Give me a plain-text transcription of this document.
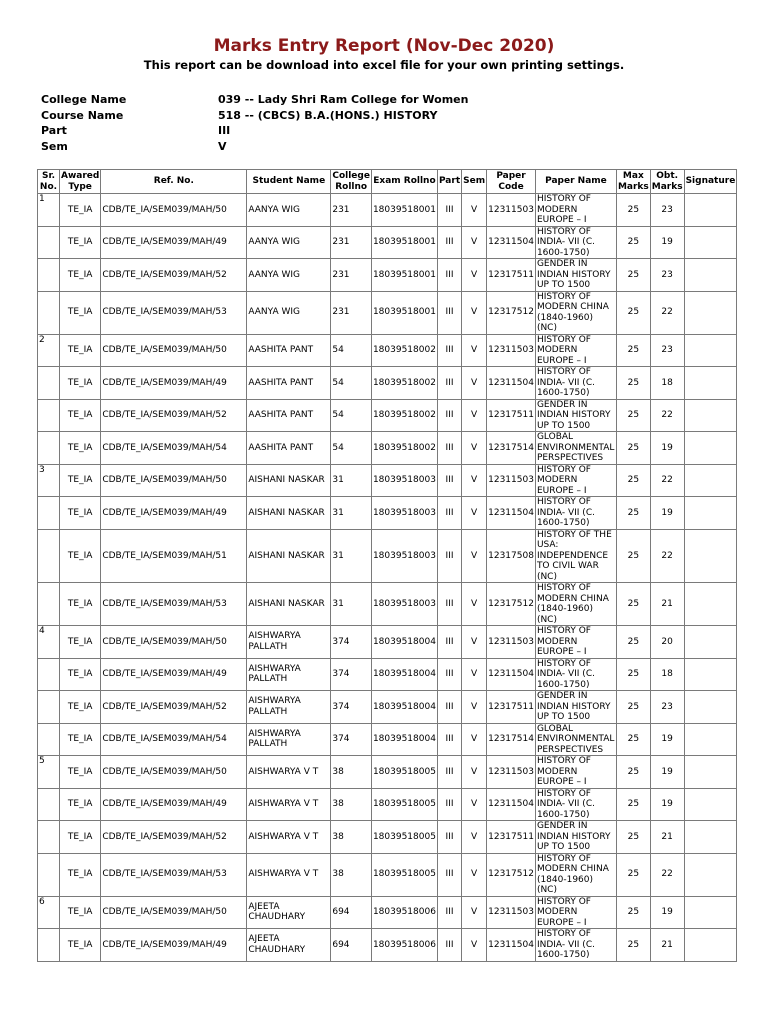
Marks Entry Report (Nov-Dec 2020)
This report can be download into excel file for your own printing settings.
College Name	039 -- Lady Shri Ram College for Women
Course Name	518 -- (CBCS) B.A.(HONS.) HISTORY
Part	III
Sem	V
Sr. No.	Awared Type	Ref. No.	Student Name	College Rollno	Exam Rollno	Part	Sem	Paper Code	Paper Name	Max Marks	Obt. Marks	Signature
1	TE_IA	CDB/TE_IA/SEM039/MAH/50	AANYA WIG	231	18039518001	III	V	12311503	HISTORY OF MODERN EUROPE – I	25	23	
	TE_IA	CDB/TE_IA/SEM039/MAH/49	AANYA WIG	231	18039518001	III	V	12311504	HISTORY OF INDIA- VII (C. 1600-1750)	25	19	
	TE_IA	CDB/TE_IA/SEM039/MAH/52	AANYA WIG	231	18039518001	III	V	12317511	GENDER IN INDIAN HISTORY UP TO 1500	25	23	
	TE_IA	CDB/TE_IA/SEM039/MAH/53	AANYA WIG	231	18039518001	III	V	12317512	HISTORY OF MODERN CHINA (1840-1960) (NC)	25	22	
2	TE_IA	CDB/TE_IA/SEM039/MAH/50	AASHITA PANT	54	18039518002	III	V	12311503	HISTORY OF MODERN EUROPE – I	25	23	
	TE_IA	CDB/TE_IA/SEM039/MAH/49	AASHITA PANT	54	18039518002	III	V	12311504	HISTORY OF INDIA- VII (C. 1600-1750)	25	18	
	TE_IA	CDB/TE_IA/SEM039/MAH/52	AASHITA PANT	54	18039518002	III	V	12317511	GENDER IN INDIAN HISTORY UP TO 1500	25	22	
	TE_IA	CDB/TE_IA/SEM039/MAH/54	AASHITA PANT	54	18039518002	III	V	12317514	GLOBAL ENVIRONMENTAL PERSPECTIVES	25	19	
3	TE_IA	CDB/TE_IA/SEM039/MAH/50	AISHANI NASKAR	31	18039518003	III	V	12311503	HISTORY OF MODERN EUROPE – I	25	22	
	TE_IA	CDB/TE_IA/SEM039/MAH/49	AISHANI NASKAR	31	18039518003	III	V	12311504	HISTORY OF INDIA- VII (C. 1600-1750)	25	19	
	TE_IA	CDB/TE_IA/SEM039/MAH/51	AISHANI NASKAR	31	18039518003	III	V	12317508	HISTORY OF THE USA: INDEPENDENCE TO CIVIL WAR (NC)	25	22	
	TE_IA	CDB/TE_IA/SEM039/MAH/53	AISHANI NASKAR	31	18039518003	III	V	12317512	HISTORY OF MODERN CHINA (1840-1960) (NC)	25	21	
4	TE_IA	CDB/TE_IA/SEM039/MAH/50	AISHWARYA PALLATH	374	18039518004	III	V	12311503	HISTORY OF MODERN EUROPE – I	25	20	
	TE_IA	CDB/TE_IA/SEM039/MAH/49	AISHWARYA PALLATH	374	18039518004	III	V	12311504	HISTORY OF INDIA- VII (C. 1600-1750)	25	18	
	TE_IA	CDB/TE_IA/SEM039/MAH/52	AISHWARYA PALLATH	374	18039518004	III	V	12317511	GENDER IN INDIAN HISTORY UP TO 1500	25	23	
	TE_IA	CDB/TE_IA/SEM039/MAH/54	AISHWARYA PALLATH	374	18039518004	III	V	12317514	GLOBAL ENVIRONMENTAL PERSPECTIVES	25	19	
5	TE_IA	CDB/TE_IA/SEM039/MAH/50	AISHWARYA V T	38	18039518005	III	V	12311503	HISTORY OF MODERN EUROPE – I	25	19	
	TE_IA	CDB/TE_IA/SEM039/MAH/49	AISHWARYA V T	38	18039518005	III	V	12311504	HISTORY OF INDIA- VII (C. 1600-1750)	25	19	
	TE_IA	CDB/TE_IA/SEM039/MAH/52	AISHWARYA V T	38	18039518005	III	V	12317511	GENDER IN INDIAN HISTORY UP TO 1500	25	21	
	TE_IA	CDB/TE_IA/SEM039/MAH/53	AISHWARYA V T	38	18039518005	III	V	12317512	HISTORY OF MODERN CHINA (1840-1960) (NC)	25	22	
6	TE_IA	CDB/TE_IA/SEM039/MAH/50	AJEETA CHAUDHARY	694	18039518006	III	V	12311503	HISTORY OF MODERN EUROPE – I	25	19	
	TE_IA	CDB/TE_IA/SEM039/MAH/49	AJEETA CHAUDHARY	694	18039518006	III	V	12311504	HISTORY OF INDIA- VII (C. 1600-1750)	25	21	
